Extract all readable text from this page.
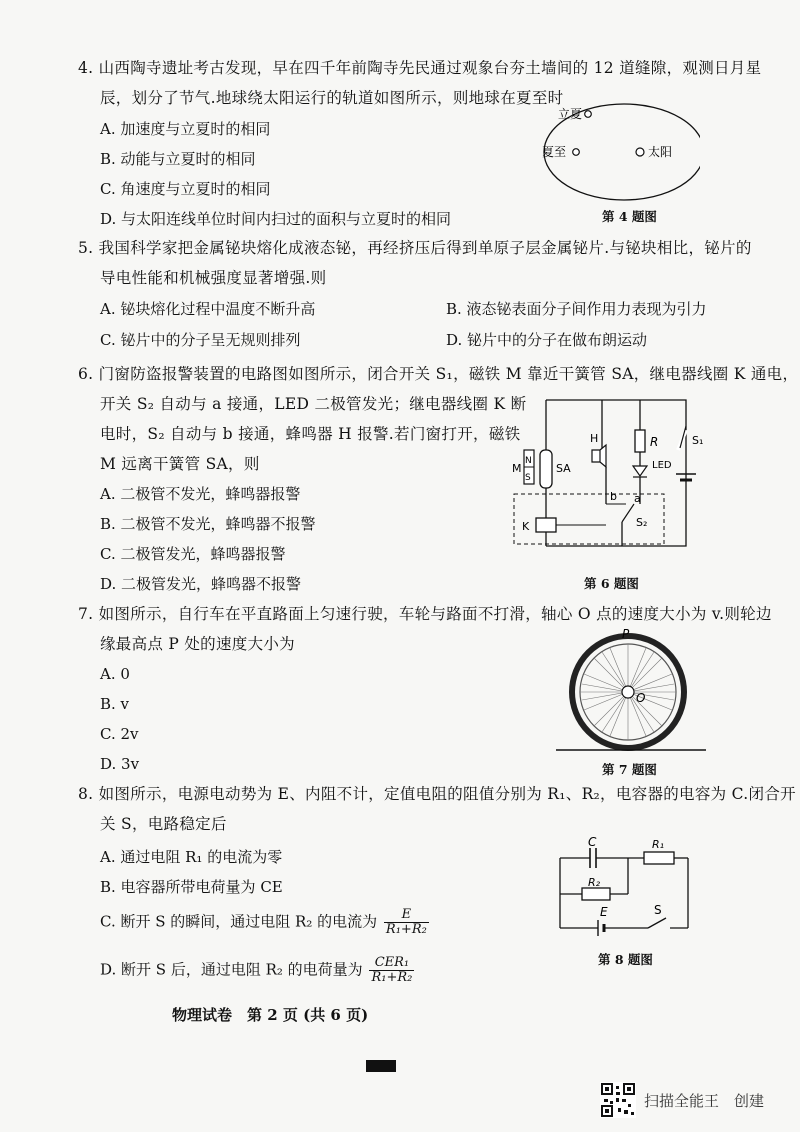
4. 山西陶寺遗址考古发现，早在四千年前陶寺先民通过观象台夯土墙间的 12 道缝隙，观测日月星
辰，划分了节气.地球绕太阳运行的轨道如图所示，则地球在夏至时
A. 加速度与立夏时的相同
B. 动能与立夏时的相同
C. 角速度与立夏时的相同
D. 与太阳连线单位时间内扫过的面积与立夏时的相同
立夏
夏至	太阳
第 4 题图
5. 我国科学家把金属铋块熔化成液态铋，再经挤压后得到单原子层金属铋片.与铋块相比，铋片的
导电性能和机械强度显著增强.则
A. 铋块熔化过程中温度不断升高	B. 液态铋表面分子间作用力表现为引力
C. 铋片中的分子呈无规则排列	D. 铋片中的分子在做布朗运动
6. 门窗防盗报警装置的电路图如图所示，闭合开关 S₁，磁铁 M 靠近干簧管 SA，继电器线圈 K 通电，
开关 S₂ 自动与 a 接通，LED 二极管发光；继电器线圈 K 断
电时，S₂ 自动与 b 接通，蜂鸣器 H 报警.若门窗打开，磁铁
M 远离干簧管 SA，则
A. 二极管不发光，蜂鸣器报警
B. 二极管不发光，蜂鸣器不报警
C. 二极管发光，蜂鸣器报警
D. 二极管发光，蜂鸣器不报警
N
S
M	SA
K
H
b
R
LED
a
S₂
S₁
第 6 题图
7. 如图所示，自行车在平直路面上匀速行驶，车轮与路面不打滑，轴心 O 点的速度大小为 v.则轮边
缘最高点 P 处的速度大小为
A. 0
B. v
C. 2v
D. 3v
O
P
第 7 题图
8. 如图所示，电源电动势为 E、内阻不计，定值电阻的阻值分别为 R₁、R₂，电容器的电容为 C.闭合开
关 S，电路稳定后
A. 通过电阻 R₁ 的电流为零
B. 电容器所带电荷量为 CE
C. 断开 S 的瞬间，通过电阻 R₂ 的电流为 $\frac{E}{\text{R₁+R₂}}$
D. 断开 S 后，通过电阻 R₂ 的电荷量为 $\frac{\text{CER₁}}{\text{R₁+R₂}}$
C	R₁
R₂
E	S
第 8 题图
物理试卷　第 2 页 (共 6 页)
扫描全能王　创建
